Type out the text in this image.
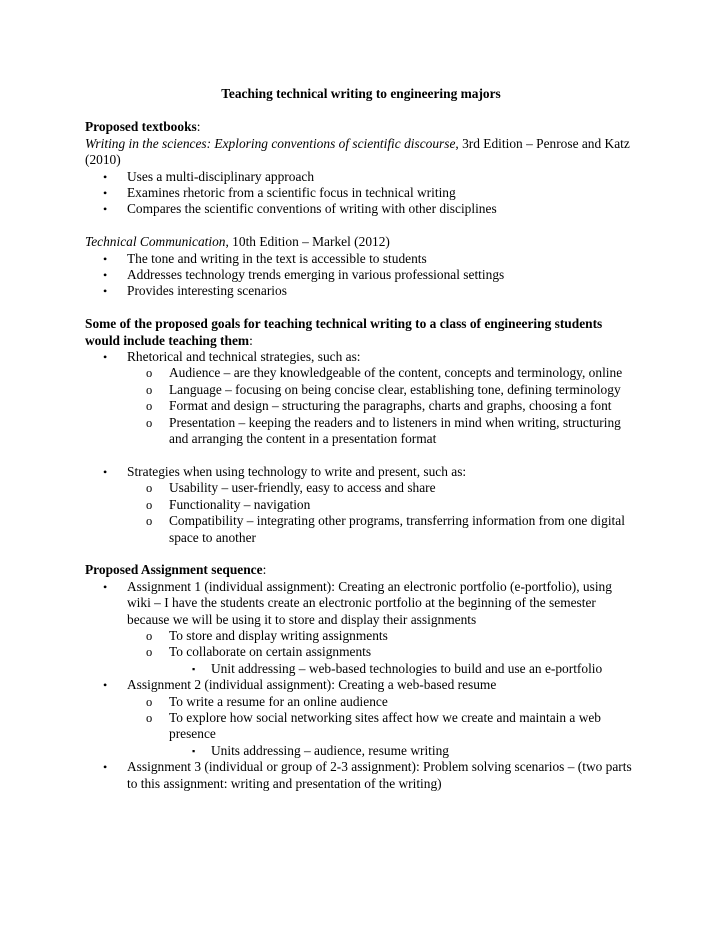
Teaching technical writing to engineering majors

Proposed textbooks:

Writing in the sciences: Exploring conventions of scientific discourse, 3rd Edition – Penrose and Katz (2010)

• Uses a multi-disciplinary approach
• Examines rhetoric from a scientific focus in technical writing
• Compares the scientific conventions of writing with other disciplines

Technical Communication, 10th Edition – Markel (2012)

• The tone and writing in the text is accessible to students
• Addresses technology trends emerging in various professional settings
• Provides interesting scenarios

Some of the proposed goals for teaching technical writing to a class of engineering students would include teaching them:

• Rhetorical and technical strategies, such as:
o Audience – are they knowledgeable of the content, concepts and terminology, online
o Language – focusing on being concise clear, establishing tone, defining terminology
o Format and design – structuring the paragraphs, charts and graphs, choosing a font
o Presentation – keeping the readers and to listeners in mind when writing, structuring and arranging the content in a presentation format
• Strategies when using technology to write and present, such as:
o Usability – user-friendly, easy to access and share
o Functionality – navigation
o Compatibility – integrating other programs, transferring information from one digital space to another

Proposed Assignment sequence:

• Assignment 1 (individual assignment): Creating an electronic portfolio (e-portfolio), using wiki – I have the students create an electronic portfolio at the beginning of the semester because we will be using it to store and display their assignments
o To store and display writing assignments
o To collaborate on certain assignments
▪ Unit addressing – web-based technologies to build and use an e-portfolio
• Assignment 2 (individual assignment): Creating a web-based resume
o To write a resume for an online audience
o To explore how social networking sites affect how we create and maintain a web presence
▪ Units addressing – audience, resume writing
• Assignment 3 (individual or group of 2-3 assignment): Problem solving scenarios – (two parts to this assignment: writing and presentation of the writing)
